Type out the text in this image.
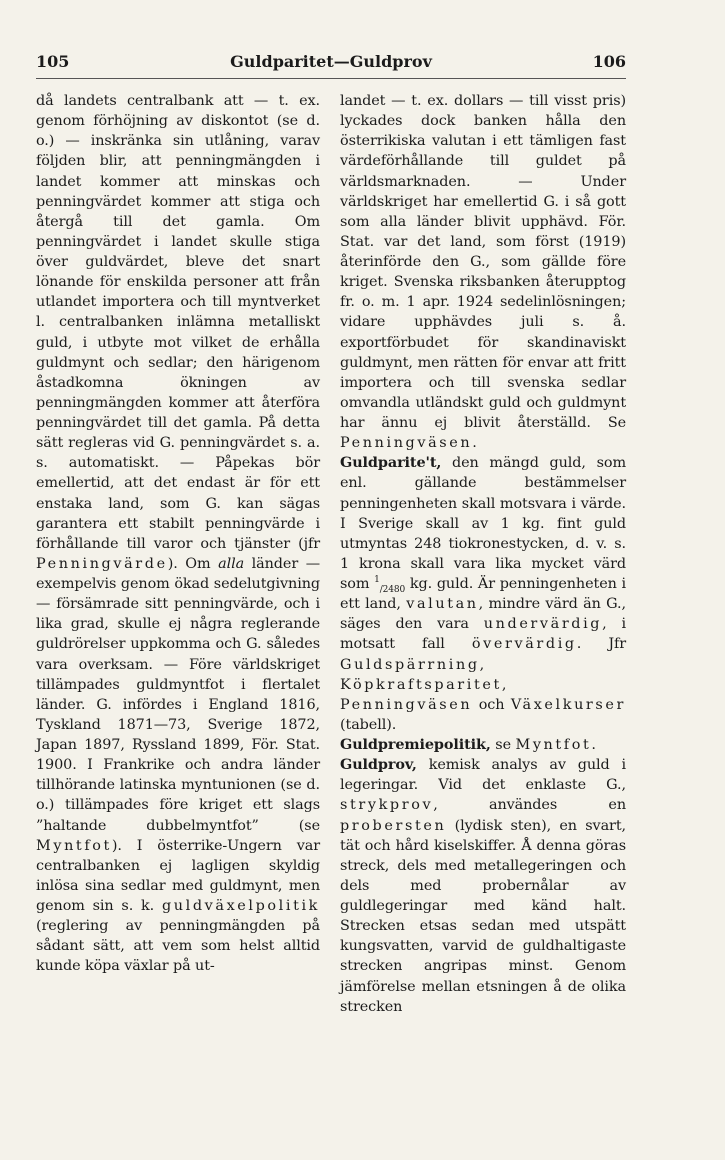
105	Guldparitet—Guldprov	106

då landets centralbank att — t. ex. genom förhöjning av diskontot (se d. o.) — inskränka sin utlåning, varav följden blir, att penningmängden i landet kommer att minskas och penningvärdet kommer att stiga och återgå till det gamla. Om penningvärdet i landet skulle stiga över guldvärdet, bleve det snart lönande för enskilda personer att från utlandet importera och till myntverket l. centralbanken inlämna metalliskt guld, i utbyte mot vilket de erhålla guldmynt och sedlar; den härigenom åstadkomna ökningen av penningmängden kommer att återföra penningvärdet till det gamla. På detta sätt regleras vid G. penningvärdet s. a. s. automatiskt. — Påpekas bör emellertid, att det endast är för ett enstaka land, som G. kan sägas garantera ett stabilt penningvärde i förhållande till varor och tjänster (jfr Penningvärde). Om alla länder — exempelvis genom ökad sedelutgivning — försämrade sitt penningvärde, och i lika grad, skulle ej några reglerande guldrörelser uppkomma och G. således vara overksam. — Före världskriget tillämpades guldmyntfot i flertalet länder. G. infördes i England 1816, Tyskland 1871—73, Sverige 1872, Japan 1897, Ryssland 1899, För. Stat. 1900. I Frankrike och andra länder tillhörande latinska myntunionen (se d. o.) tillämpades före kriget ett slags ”haltande dubbelmyntfot” (se Myntfot). I österrike-Ungern var centralbanken ej lagligen skyldig inlösa sina sedlar med guldmynt, men genom sin s. k. guldväxelpolitik (reglering av penningmängden på sådant sätt, att vem som helst alltid kunde köpa växlar på ut-

landet — t. ex. dollars — till visst pris) lyckades dock banken hålla den österrikiska valutan i ett tämligen fast värdeförhållande till guldet på världsmarknaden. — Under världskriget har emellertid G. i så gott som alla länder blivit upphävd. För. Stat. var det land, som först (1919) återinförde den G., som gällde före kriget. Svenska riksbanken återupptog fr. o. m. 1 apr. 1924 sedelinlösningen; vidare upphävdes juli s. å. exportförbudet för skandinaviskt guldmynt, men rätten för envar att fritt importera och till svenska sedlar omvandla utländskt guld och guldmynt har ännu ej blivit återställd. Se Penningväsen.

Guldparite't, den mängd guld, som enl. gällande bestämmelser penningenheten skall motsvara i värde. I Sverige skall av 1 kg. fint guld utmyntas 248 tiokronestycken, d. v. s. 1 krona skall vara lika mycket värd som $^1_{/2480}$ kg. guld. Är penningenheten i ett land, valutan, mindre värd än G., säges den vara undervärdig, i motsatt fall övervärdig. Jfr Guldspärrning, Köpkraftsparitet, Penningväsen och Växelkurser (tabell).

Guldpremiepolitik, se Myntfot.

Guldprov, kemisk analys av guld i legeringar. Vid det enklaste G., strykprov, användes en probersten (lydisk sten), en svart, tät och hård kiselskiffer. Å denna göras streck, dels med metallegeringen och dels med probernålar av guldlegeringar med känd halt. Strecken etsas sedan med utspätt kungsvatten, varvid de guldhaltigaste strecken angripas minst. Genom jämförelse mellan etsningen å de olika strecken
